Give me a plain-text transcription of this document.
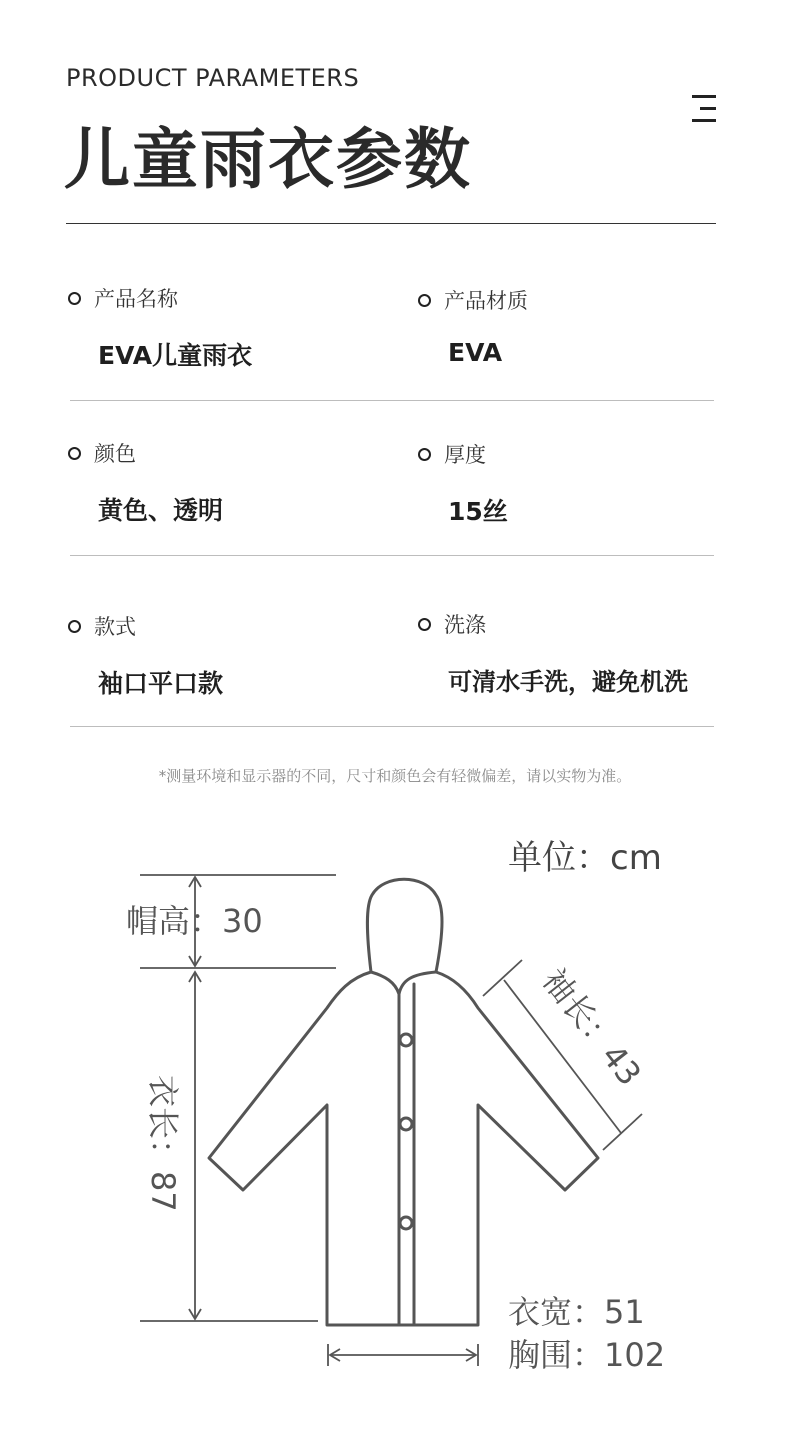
PRODUCT PARAMETERS
儿童雨衣参数
产品名称
EVA儿童雨衣
产品材质
EVA
颜色
黄色、透明
厚度
15丝
款式
袖口平口款
洗涤
可清水手洗，避免机洗
*测量环境和显示器的不同，尺寸和颜色会有轻微偏差，请以实物为准。
单位：cm
帽高：30
衣长：87
袖长：43
衣宽：51
胸围：102
